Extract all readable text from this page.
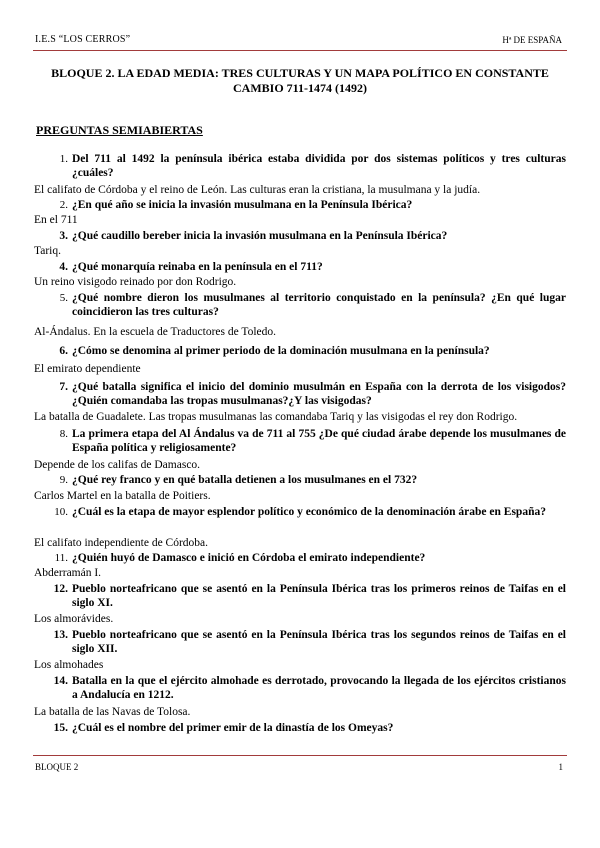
I.E.S “LOS CERROS”	Hª DE ESPAÑA
BLOQUE 2. LA EDAD MEDIA: TRES CULTURAS Y UN MAPA POLÍTICO EN CONSTANTE CAMBIO 711-1474 (1492)
PREGUNTAS SEMIABIERTAS
1. Del 711 al 1492 la península ibérica estaba dividida por dos sistemas políticos y tres culturas ¿cuáles?
El califato de Córdoba y el reino de León. Las culturas eran la cristiana, la musulmana y la judía.
2. ¿En qué año se inicia la invasión musulmana en la Península Ibérica?
En el 711
3. ¿Qué caudillo bereber inicia la invasión musulmana en la Península Ibérica?
Tariq.
4. ¿Qué monarquía reinaba en la península en el 711?
Un reino visigodo reinado por don Rodrigo.
5. ¿Qué nombre dieron los musulmanes al territorio conquistado en la península? ¿En qué lugar coincidieron las tres culturas?
Al-Ándalus. En la escuela de Traductores de Toledo.
6. ¿Cómo se denomina al primer periodo de la dominación musulmana en la península?
El emirato dependiente
7. ¿Qué batalla significa el inicio del dominio musulmán en España con la derrota de los visigodos? ¿Quién comandaba las tropas musulmanas?¿Y las visigodas?
La batalla de Guadalete. Las tropas musulmanas las comandaba Tariq y las visigodas el rey don Rodrigo.
8. La primera etapa del Al Ándalus va de 711 al 755 ¿De qué ciudad árabe depende los musulmanes de España política y religiosamente?
Depende de los califas de Damasco.
9. ¿Qué rey franco y en qué batalla detienen a los musulmanes en el 732?
Carlos Martel en la batalla de Poitiers.
10. ¿Cuál es la etapa de mayor esplendor político y económico de la denominación árabe en España?
El califato independiente de Córdoba.
11. ¿Quién huyó de Damasco e inició en Córdoba el emirato independiente?
Abderramán I.
12. Pueblo norteafricano que se asentó en la Península Ibérica tras los primeros reinos de Taifas en el siglo XI.
Los almorávides.
13. Pueblo norteafricano que se asentó en la Península Ibérica tras los segundos reinos de Taifas en el siglo XII.
Los almohades
14. Batalla en la que el ejército almohade es derrotado, provocando la llegada de los ejércitos cristianos a Andalucía en 1212.
La batalla de las Navas de Tolosa.
15. ¿Cuál es el nombre del primer emir de la dinastía de los Omeyas?
BLOQUE 2	1
